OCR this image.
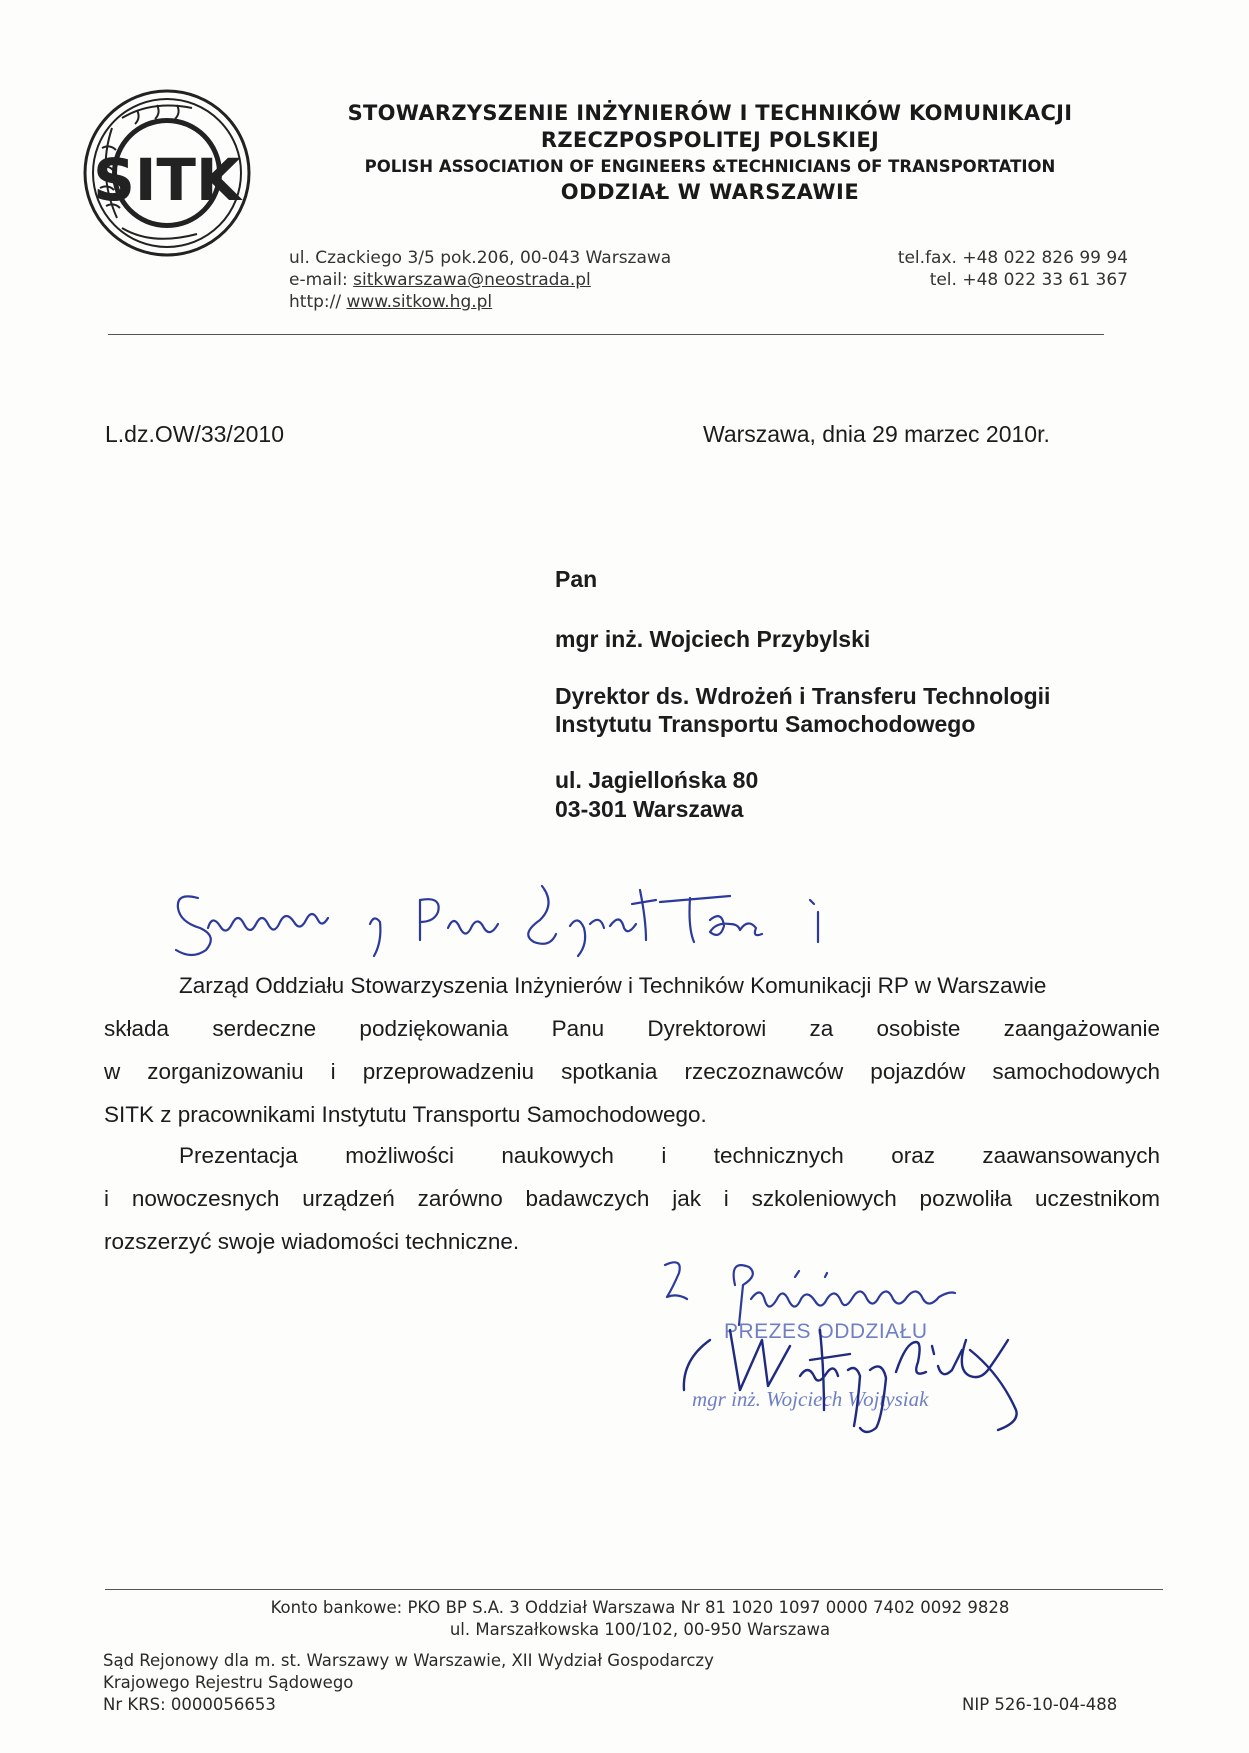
SITK
STOWARZYSZENIE INŻYNIERÓW I TECHNIKÓW KOMUNIKACJI
RZECZPOSPOLITEJ POLSKIEJ
POLISH ASSOCIATION OF ENGINEERS &TECHNICIANS OF TRANSPORTATION
ODDZIAŁ W WARSZAWIE
ul. Czackiego 3/5 pok.206, 00-043 Warszawa
e-mail: sitkwarszawa@neostrada.pl
http:// www.sitkow.hg.pl
tel.fax. +48 022 826 99 94
tel. +48 022 33 61 367
L.dz.OW/33/2010	Warszawa, dnia 29 marzec 2010r.
Pan
mgr inż. Wojciech Przybylski
Dyrektor ds. Wdrożeń i Transferu Technologii
Instytutu Transportu Samochodowego
ul. Jagiellońska 80
03-301 Warszawa
Zarząd Oddziału Stowarzyszenia Inżynierów i Techników Komunikacji RP w Warszawie
składa serdeczne podziękowania Panu Dyrektorowi za osobiste zaangażowanie
w zorganizowaniu i przeprowadzeniu spotkania rzeczoznawców pojazdów samochodowych
SITK z pracownikami Instytutu Transportu Samochodowego.
Prezentacja możliwości naukowych i technicznych oraz zaawansowanych
i nowoczesnych urządzeń zarówno badawczych jak i szkoleniowych pozwoliła uczestnikom
rozszerzyć swoje wiadomości techniczne.
PREZES ODDZIAŁU
mgr inż. Wojciech Wojtysiak
Konto bankowe: PKO BP S.A. 3 Oddział Warszawa Nr 81 1020 1097 0000 7402 0092 9828
ul. Marszałkowska 100/102, 00-950 Warszawa
Sąd Rejonowy dla m. st. Warszawy w Warszawie, XII Wydział Gospodarczy
Krajowego Rejestru Sądowego
Nr KRS: 0000056653	NIP 526-10-04-488
